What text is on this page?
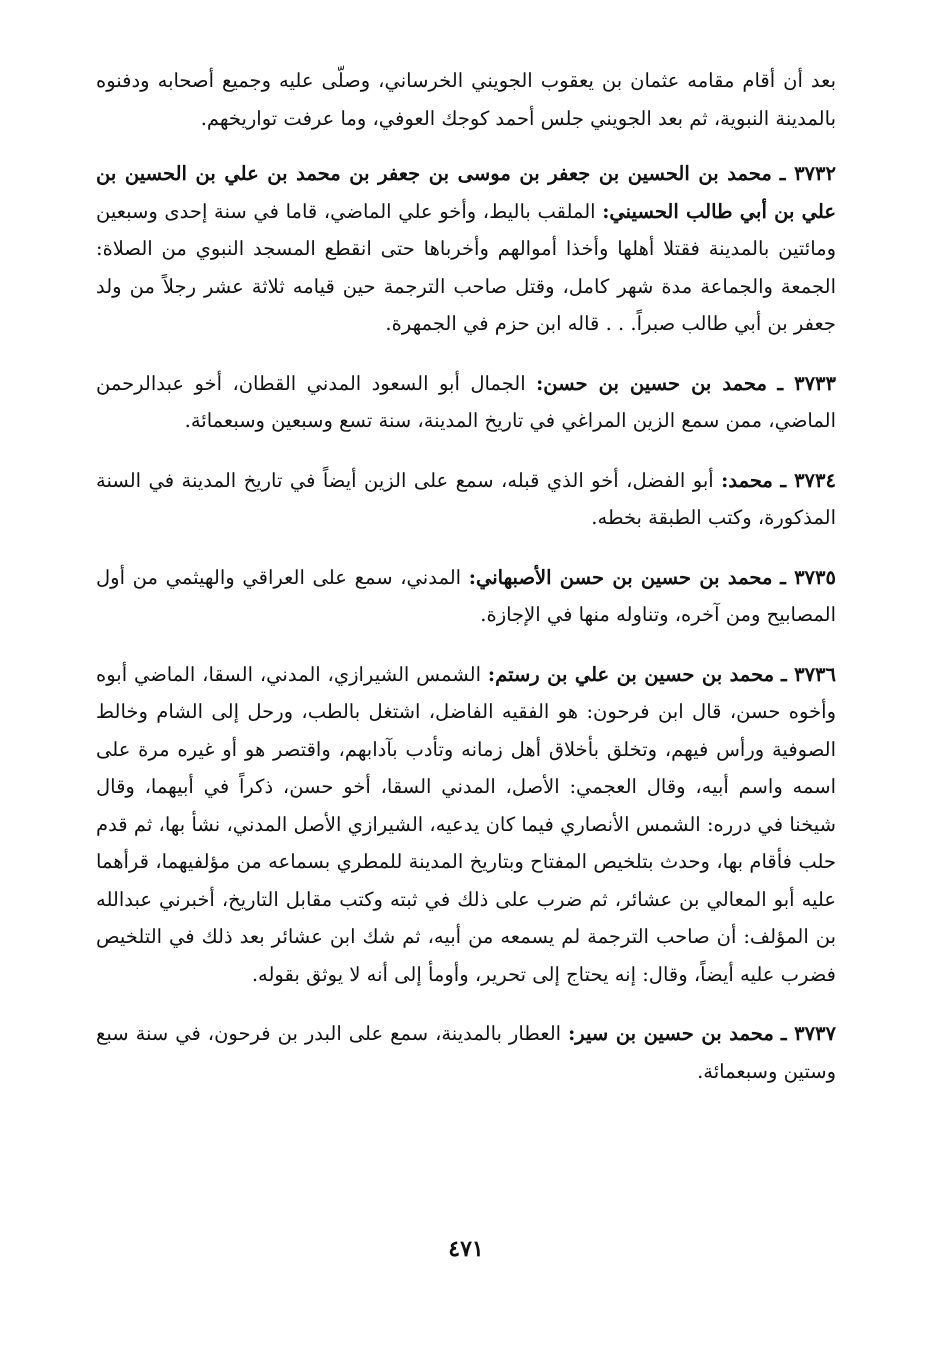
بعد أن أقام مقامه عثمان بن يعقوب الجويني الخرساني، وصلّى عليه وجميع أصحابه ودفنوه بالمدينة النبوية، ثم بعد الجويني جلس أحمد كوجك العوفي، وما عرفت تواريخهم.

٣٧٣٢ ـ محمد بن الحسين بن جعفر بن موسى بن جعفر بن محمد بن علي بن الحسين بن علي بن أبي طالب الحسيني: الملقب باليط، وأخو علي الماضي، قاما في سنة إحدى وسبعين ومائتين بالمدينة فقتلا أهلها وأخذا أموالهم وأخربا‌ها حتى انقطع المسجد النبوي من الصلاة: الجمعة والجماعة مدة شهر كامل، وقتل صاحب الترجمة حين قيامه ثلاثة عشر رجلاً من ولد جعفر بن أبي طالب صبراً. . . قاله ابن حزم في الجمهرة.

٣٧٣٣ ـ محمد بن حسين بن حسن: الجمال أبو السعود المدني القطان، أخو عبدالرحمن الماضي، ممن سمع الزين المراغي في تاريخ المدينة، سنة تسع وسبعين وسبعمائة.

٣٧٣٤ ـ محمد: أبو الفضل، أخو الذي قبله، سمع على الزين أيضاً في تاريخ المدينة في السنة المذكورة، وكتب الطبقة بخطه.

٣٧٣٥ ـ محمد بن حسين بن حسن الأصبهاني: المدني، سمع على العراقي والهيثمي من أول المصابيح ومن آخره، وتناوله منها في الإجازة.

٣٧٣٦ ـ محمد بن حسين بن علي بن رستم: الشمس الشيرازي، المدني، السقا، الماضي أبوه وأخوه حسن، قال ابن فرحون: هو الفقيه الفاضل، اشتغل بالطب، ورحل إلى الشام وخالط الصوفية ورأس فيهم، وتخلق بأخلاق أهل زمانه وتأدب بآدابهم، واقتصر هو أو غيره مرة على اسمه واسم أبيه، وقال العجمي: الأصل، المدني السقا، أخو حسن، ذكراً في أبيهما، وقال شيخنا في درره: الشمس الأنصاري فيما كان يدعيه، الشيرازي الأصل المدني، نشأ بها، ثم قدم حلب فأقام بها، وحدث بتلخيص المفتاح وبتاريخ المدينة للمطري بسماعه من مؤلفيهما، قرأهما عليه أبو المعالي بن عشائر، ثم ضرب على ذلك في ثبته وكتب مقابل التاريخ، أخبرني عبدالله بن المؤلف: أن صاحب الترجمة لم يسمعه من أبيه، ثم شك ابن عشائر بعد ذلك في التلخيص فضرب عليه أيضاً، وقال: إنه يحتاج إلى تحرير، وأومأ إلى أنه لا يوثق بقوله.

٣٧٣٧ ـ محمد بن حسين بن سير: العطار بالمدينة، سمع على البدر بن فرحون، في سنة سبع وستين وسبعمائة.

٤٧١
